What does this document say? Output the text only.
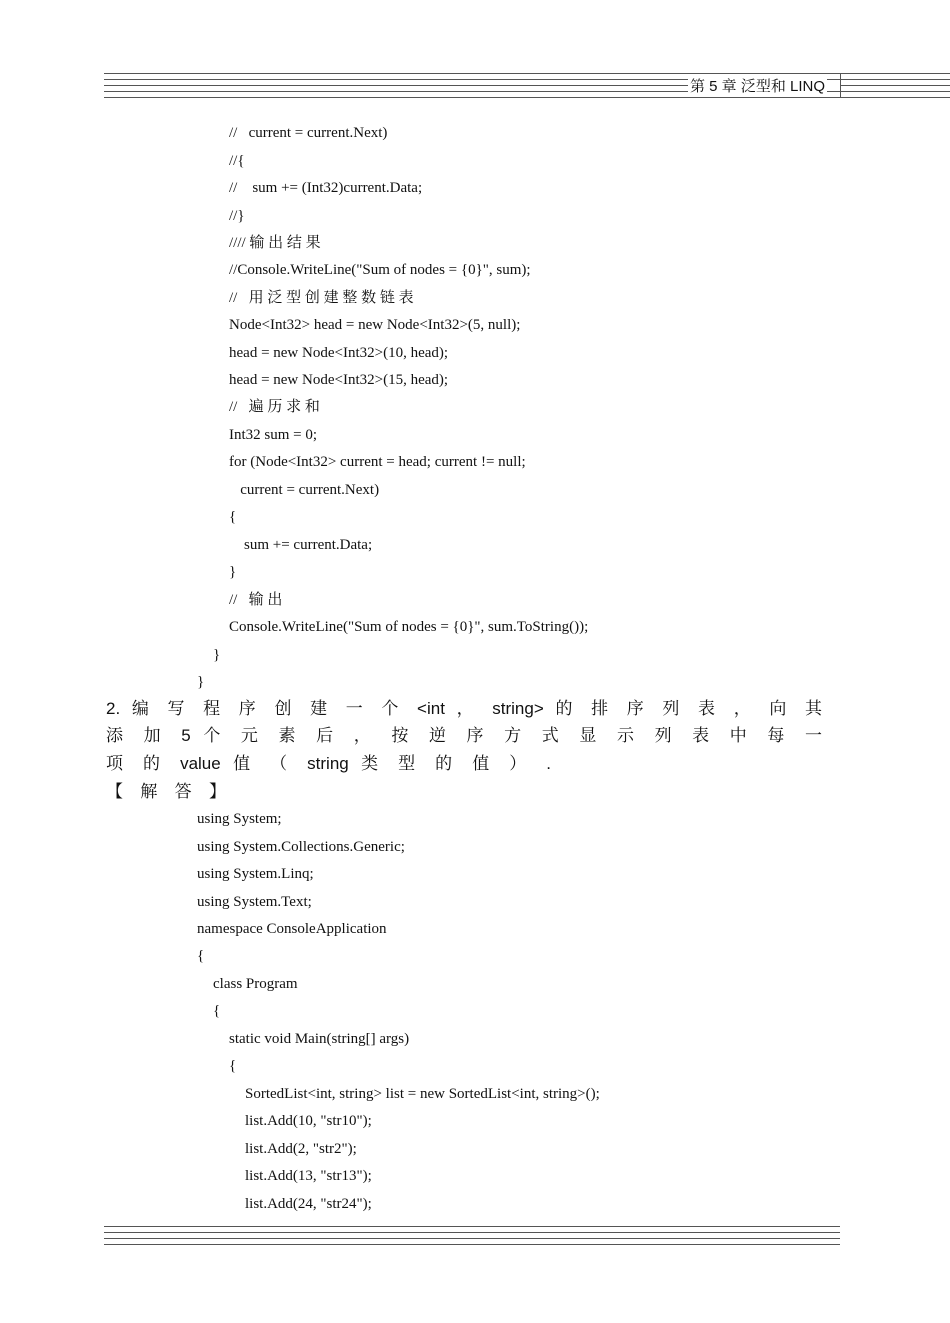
第 5 章 泛型和 LINQ
//   current = current.Next)
//{
//    sum += (Int32)current.Data;
//}
//// 输 出 结 果
//Console.WriteLine("Sum of nodes = {0}", sum);
//   用 泛 型 创 建 整 数 链 表
Node<Int32> head = new Node<Int32>(5, null);
head = new Node<Int32>(10, head);
head = new Node<Int32>(15, head);
//   遍 历 求 和
Int32 sum = 0;
for (Node<Int32> current = head; current != null;
current = current.Next)
{
sum += current.Data;
}
//   输 出
Console.WriteLine("Sum of nodes = {0}", sum.ToString());
}
}
2. 编 写 程 序 创 建 一 个 <int ， string> 的 排 序 列 表 ， 向 其
添 加 5 个 元 素 后 ， 按 逆 序 方 式 显 示 列 表 中 每 一
项 的 value 值 （ string 类 型 的 值 ） .
【 解 答 】
using System;
using System.Collections.Generic;
using System.Linq;
using System.Text;
namespace ConsoleApplication
{
class Program
{
static void Main(string[] args)
{
SortedList<int, string> list = new SortedList<int, string>();
list.Add(10, "str10");
list.Add(2, "str2");
list.Add(13, "str13");
list.Add(24, "str24");
